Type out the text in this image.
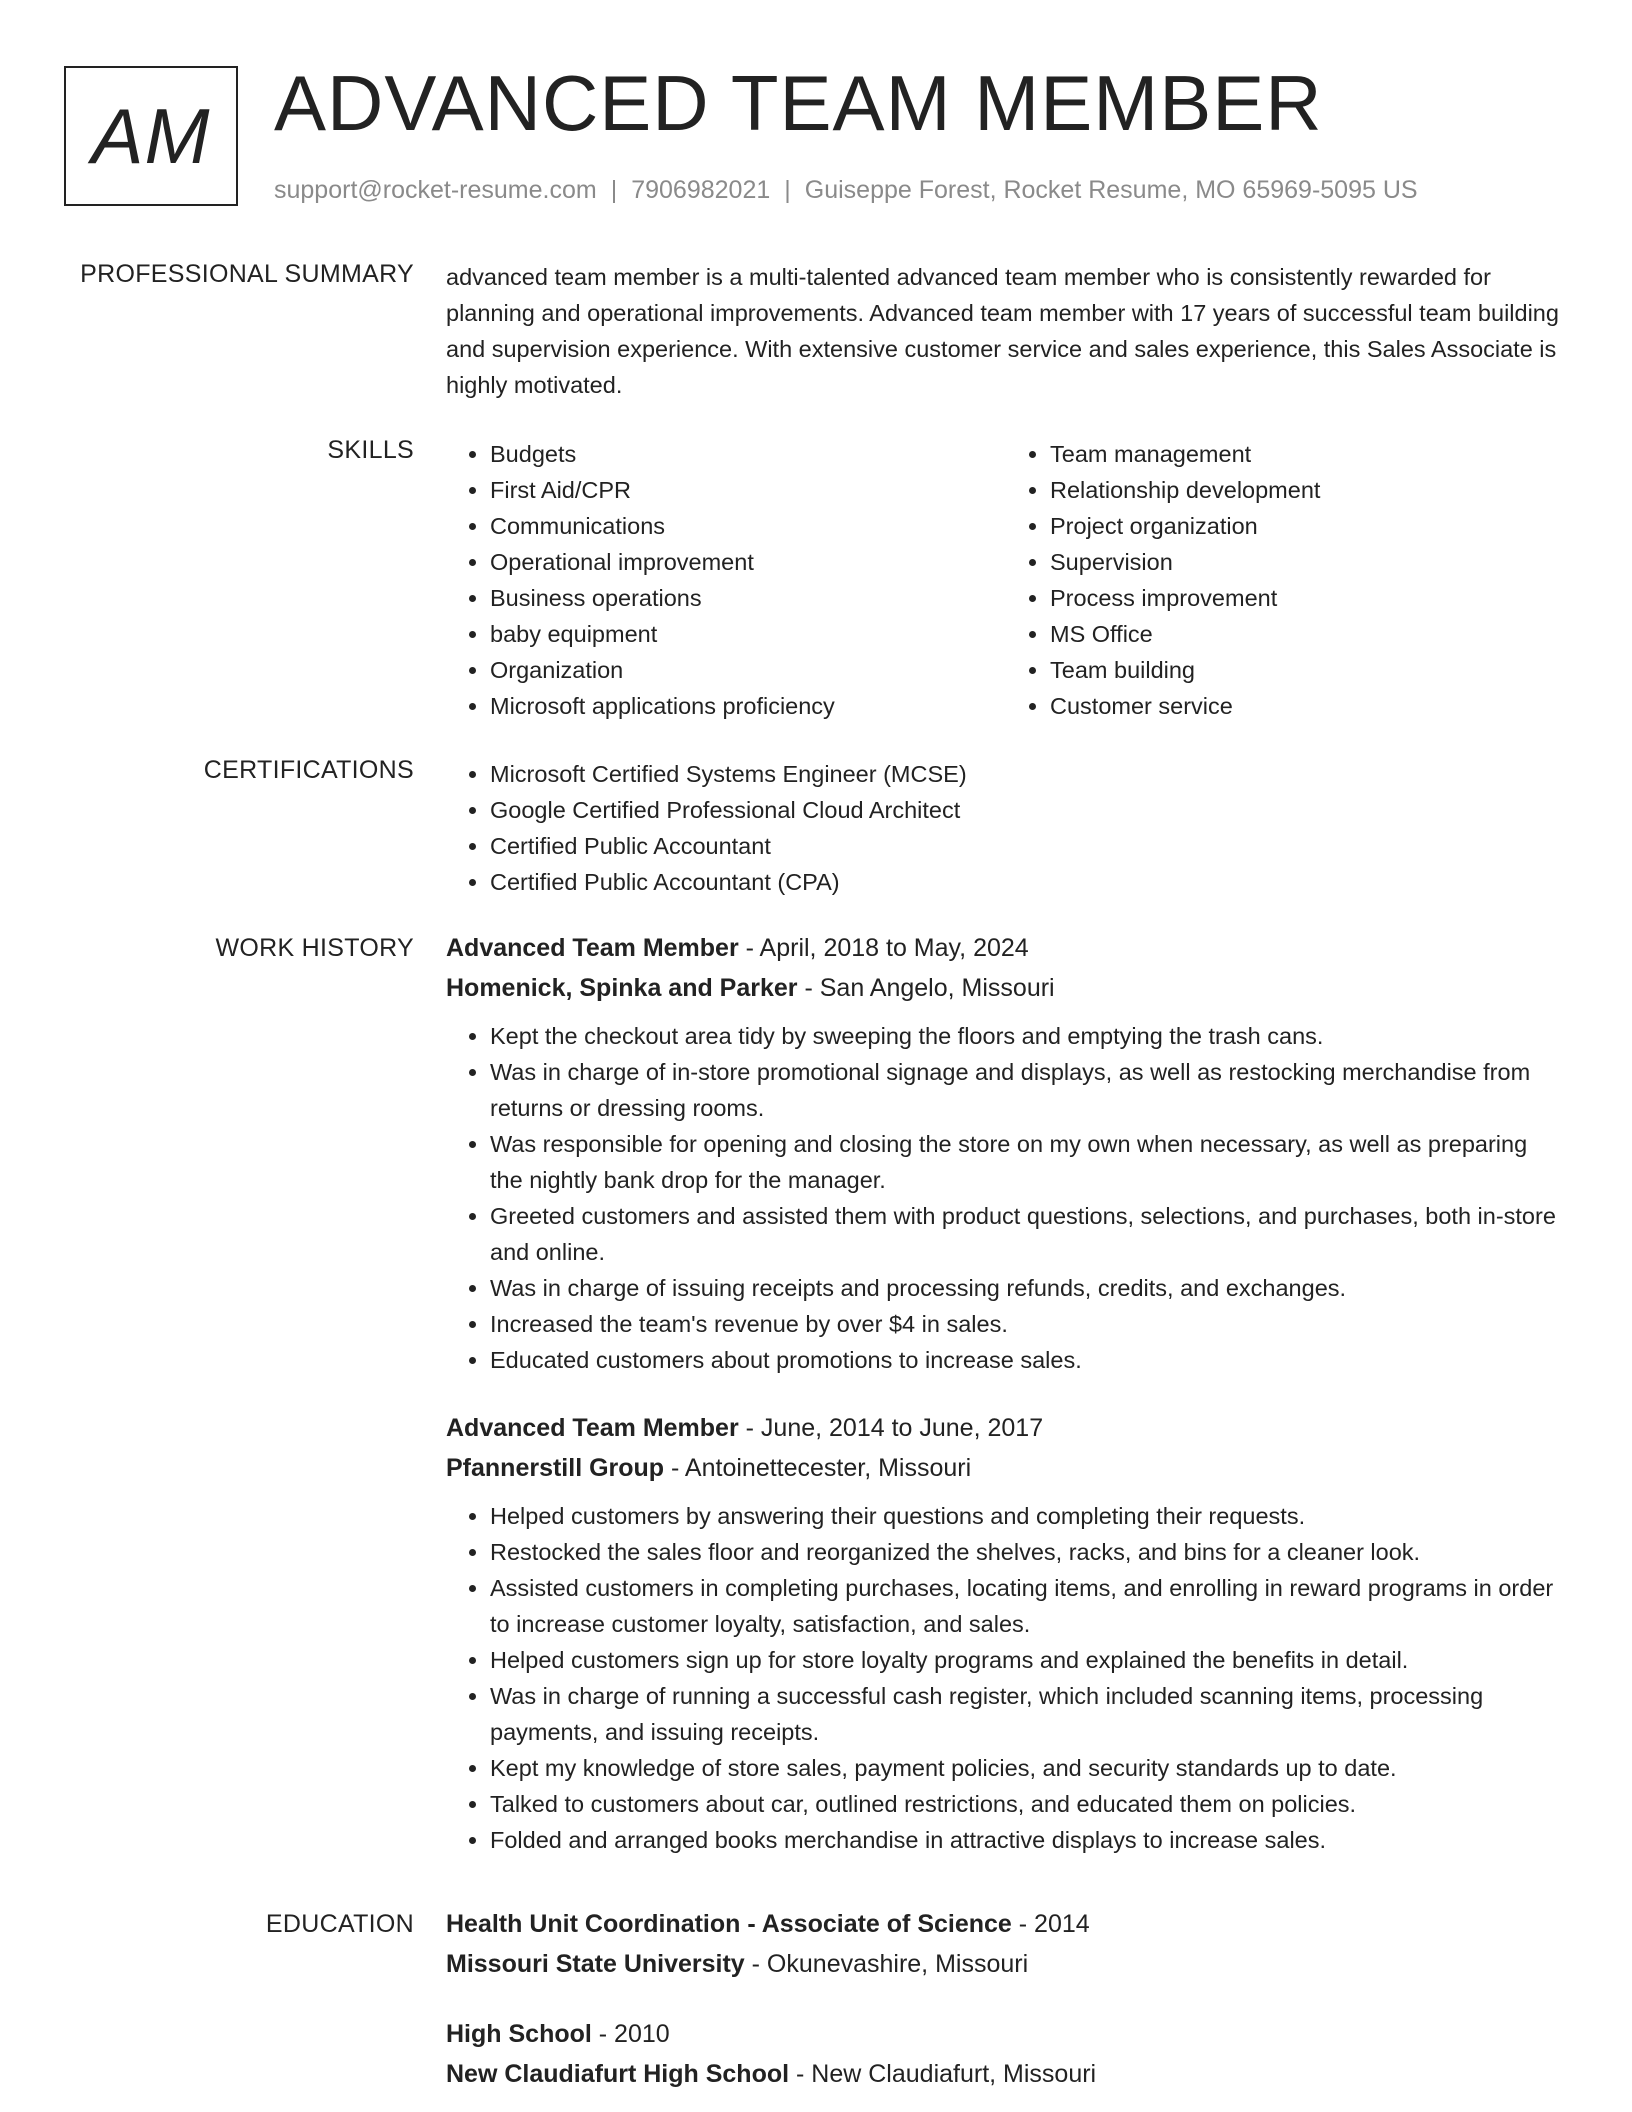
AM ADVANCED TEAM MEMBER
support@rocket-resume.com | 7906982021 | Guiseppe Forest, Rocket Resume, MO 65969-5095 US
PROFESSIONAL SUMMARY advanced team member is a multi-talented advanced team member who is consistently rewarded for planning and operational improvements. Advanced team member with 17 years of successful team building and supervision experience. With extensive customer service and sales experience, this Sales Associate is highly motivated.
SKILLS	• Budgets
• First Aid/CPR
• Communications
• Operational improvement
• Business operations
• baby equipment
• Organization
• Microsoft applications proficiency
• Team management
• Relationship development
• Project organization
• Supervision
• Process improvement
• MS Office
• Team building
• Customer service
CERTIFICATIONS	• Microsoft Certified Systems Engineer (MCSE)
• Google Certified Professional Cloud Architect
• Certified Public Accountant
• Certified Public Accountant (CPA)
WORK HISTORY Advanced Team Member - April, 2018 to May, 2024
Homenick, Spinka and Parker - San Angelo, Missouri
• Kept the checkout area tidy by sweeping the floors and emptying the trash cans.
• Was in charge of in-store promotional signage and displays, as well as restocking merchandise from returns or dressing rooms.
• Was responsible for opening and closing the store on my own when necessary, as well as preparing the nightly bank drop for the manager.
• Greeted customers and assisted them with product questions, selections, and purchases, both in-store and online.
• Was in charge of issuing receipts and processing refunds, credits, and exchanges.
• Increased the team's revenue by over $4 in sales.
• Educated customers about promotions to increase sales.
Advanced Team Member - June, 2014 to June, 2017
Pfannerstill Group - Antoinettecester, Missouri
• Helped customers by answering their questions and completing their requests.
• Restocked the sales floor and reorganized the shelves, racks, and bins for a cleaner look.
• Assisted customers in completing purchases, locating items, and enrolling in reward programs in order to increase customer loyalty, satisfaction, and sales.
• Helped customers sign up for store loyalty programs and explained the benefits in detail.
• Was in charge of running a successful cash register, which included scanning items, processing payments, and issuing receipts.
• Kept my knowledge of store sales, payment policies, and security standards up to date.
• Talked to customers about car, outlined restrictions, and educated them on policies.
• Folded and arranged books merchandise in attractive displays to increase sales.
EDUCATION Health Unit Coordination - Associate of Science - 2014
Missouri State University - Okunevashire, Missouri
High School - 2010
New Claudiafurt High School - New Claudiafurt, Missouri
